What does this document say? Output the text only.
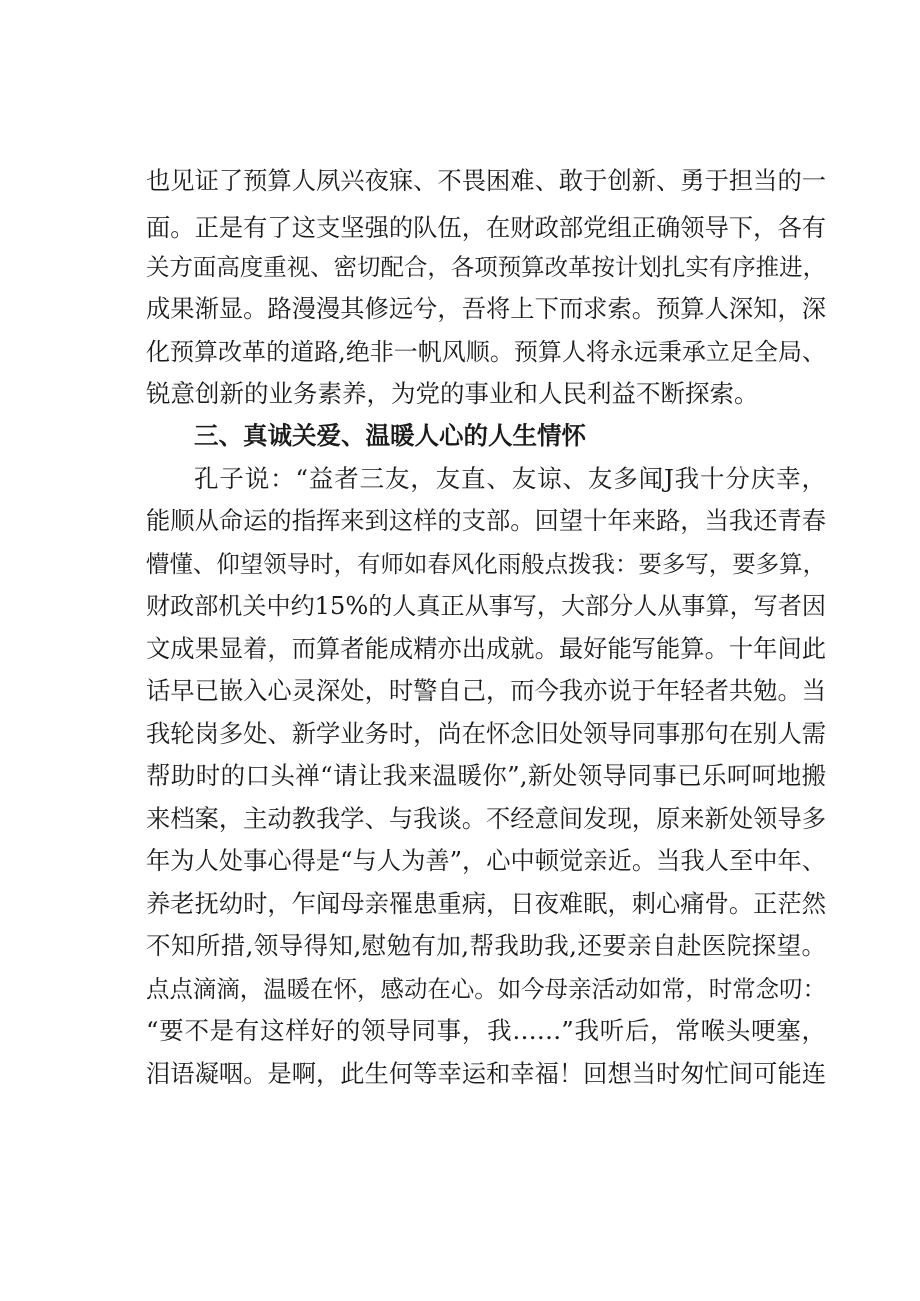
也见证了预算人夙兴夜寐、不畏困难、敢于创新、勇于担当的一

面。正是有了这支坚强的队伍，在财政部党组正确领导下，各有

关方面高度重视、密切配合，各项预算改革按计划扎实有序推进，

成果渐显。路漫漫其修远兮，吾将上下而求索。预算人深知，深

化预算改革的道路,绝非一帆风顺。预算人将永远秉承立足全局、

锐意创新的业务素养，为党的事业和人民利益不断探索。

三、真诚关爱、温暖人心的人生情怀

孔子说：“益者三友，友直、友谅、友多闻J我十分庆幸，

能顺从命运的指挥来到这样的支部。回望十年来路，当我还青春

懵懂、仰望领导时，有师如春风化雨般点拨我：要多写，要多算，

财政部机关中约15%的人真正从事写，大部分人从事算，写者因

文成果显着，而算者能成精亦出成就。最好能写能算。十年间此

话早已嵌入心灵深处，时警自己，而今我亦说于年轻者共勉。当

我轮岗多处、新学业务时，尚在怀念旧处领导同事那句在别人需

帮助时的口头禅“请让我来温暖你”,新处领导同事已乐呵呵地搬

来档案，主动教我学、与我谈。不经意间发现，原来新处领导多

年为人处事心得是“与人为善”，心中顿觉亲近。当我人至中年、

养老抚幼时，乍闻母亲罹患重病，日夜难眠，刺心痛骨。正茫然

不知所措,领导得知,慰勉有加,帮我助我,还要亲自赴医院探望。

点点滴滴，温暖在怀，感动在心。如今母亲活动如常，时常念叨：

“要不是有这样好的领导同事，我……”我听后，常喉头哽塞，

泪语凝咽。是啊，此生何等幸运和幸福！回想当时匆忙间可能连
